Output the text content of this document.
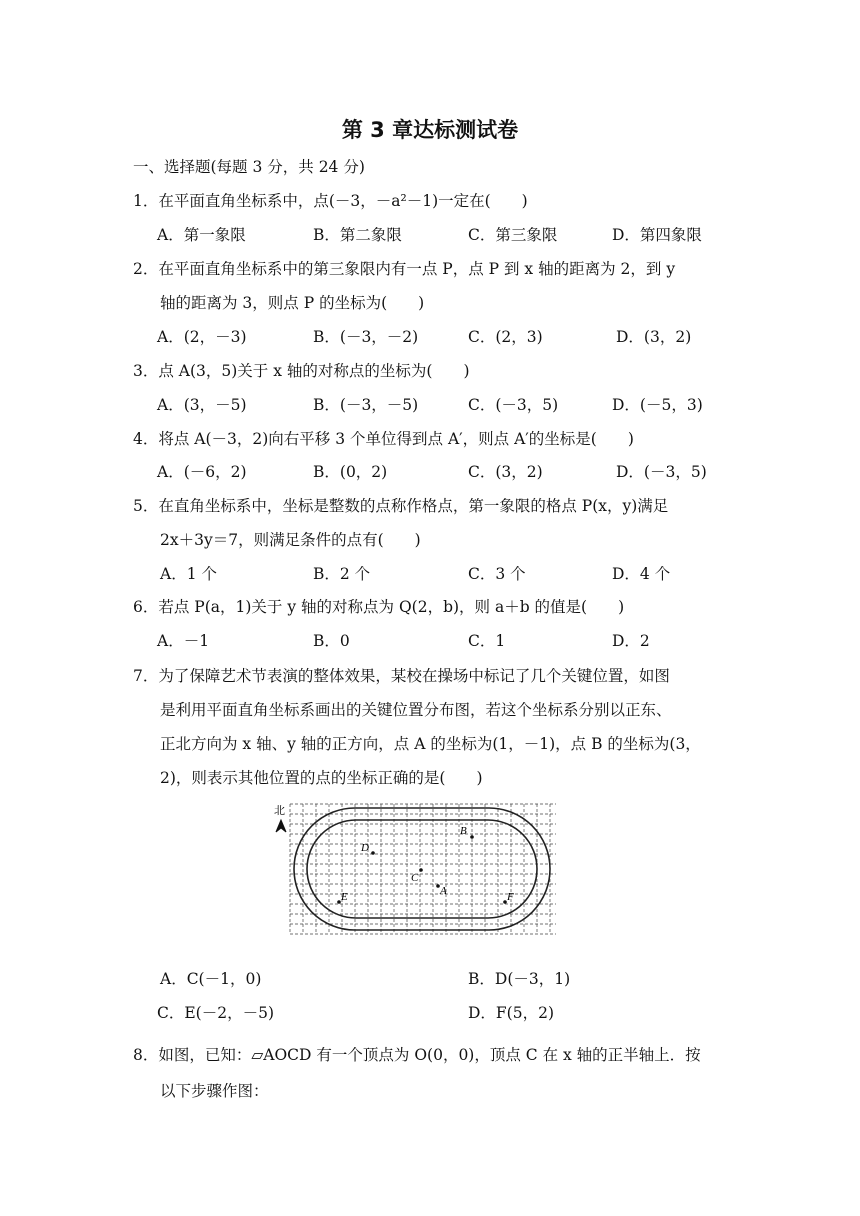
第 3 章达标测试卷
一、选择题(每题 3 分，共 24 分)
1．在平面直角坐标系中，点(－3，－a²－1)一定在(　　)
A．第一象限	B．第二象限	C．第三象限	D．第四象限
2．在平面直角坐标系中的第三象限内有一点 P，点 P 到 x 轴的距离为 2，到 y
轴的距离为 3，则点 P 的坐标为(　　)
A．(2，－3)	B．(－3，－2)	C．(2，3)	D．(3，2)
3．点 A(3，5)关于 x 轴的对称点的坐标为(　　)
A．(3，－5)	B．(－3，－5)	C．(－3，5)	D．(－5，3)
4．将点 A(－3，2)向右平移 3 个单位得到点 A′，则点 A′的坐标是(　　)
A．(－6，2)	B．(0，2)	C．(3，2)	D．(－3，5)
5．在直角坐标系中，坐标是整数的点称作格点，第一象限的格点 P(x，y)满足
2x＋3y＝7，则满足条件的点有(　　)
A．1 个	B．2 个	C．3 个	D．4 个
6．若点 P(a，1)关于 y 轴的对称点为 Q(2，b)，则 a＋b 的值是(　　)
A．－1	B．0	C．1	D．2
7．为了保障艺术节表演的整体效果，某校在操场中标记了几个关键位置，如图
是利用平面直角坐标系画出的关键位置分布图，若这个坐标系分别以正东、
正北方向为 x 轴、y 轴的正方向，点 A 的坐标为(1，－1)，点 B 的坐标为(3，
2)，则表示其他位置的点的坐标正确的是(　　)
北
B
D
C
A
E	F
A．C(－1，0)	B．D(－3，1)
C．E(－2，－5)	D．F(5，2)
8．如图，已知：▱AOCD 有一个顶点为 O(0，0)，顶点 C 在 x 轴的正半轴上．按
以下步骤作图：
